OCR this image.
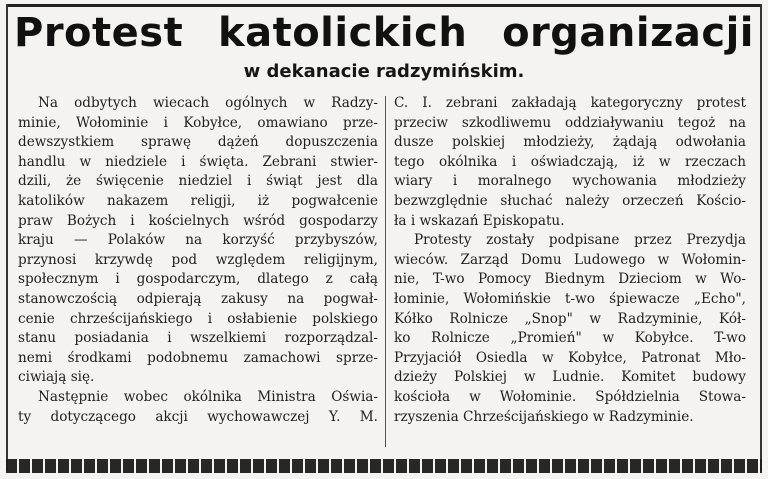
Protest katolickich organizacji
w dekanacie radzymińskim.
Na odbytych wiecach ogólnych w Radzy-
minie, Wołominie i Kobyłce, omawiano prze-
dewszystkiem sprawę dążeń dopuszczenia
handlu w niedziele i święta. Zebrani stwier-
dzili, że święcenie niedziel i świąt jest dla
katolików nakazem religji, iż pogwałcenie
praw Bożych i kościelnych wśród gospodarzy
kraju — Polaków na korzyść przybyszów,
przynosi krzywdę pod względem religijnym,
społecznym i gospodarczym, dlatego z całą
stanowczością odpierają zakusy na pogwał-
cenie chrześcijańskiego i osłabienie polskiego
stanu posiadania i wszelkiemi rozporządzal-
nemi środkami podobnemu zamachowi sprze-
ciwiają się.
Następnie wobec okólnika Ministra Oświa-
ty dotyczącego akcji wychowawczej Y. M.
C. I. zebrani zakładają kategoryczny protest
przeciw szkodliwemu oddziaływaniu tegoż na
dusze polskiej młodzieży, żądają odwołania
tego okólnika i oświadczają, iż w rzeczach
wiary i moralnego wychowania młodzieży
bezwzględnie słuchać należy orzeczeń Kościo-
ła i wskazań Episkopatu.
Protesty zostały podpisane przez Prezydja
wieców. Zarząd Domu Ludowego w Wołomin-
nie, T-wo Pomocy Biednym Dzieciom w Wo-
łominie, Wołomińskie t-wo śpiewacze „Echo",
Kółko Rolnicze „Snop" w Radzyminie, Kół-
ko Rolnicze „Promień" w Kobyłce. T-wo
Przyjaciół Osiedla w Kobyłce, Patronat Mło-
dzieży Polskiej w Ludnie. Komitet budowy
kościoła w Wołominie. Spółdzielnia Stowa-
rzyszenia Chrześcijańskiego w Radzyminie.
